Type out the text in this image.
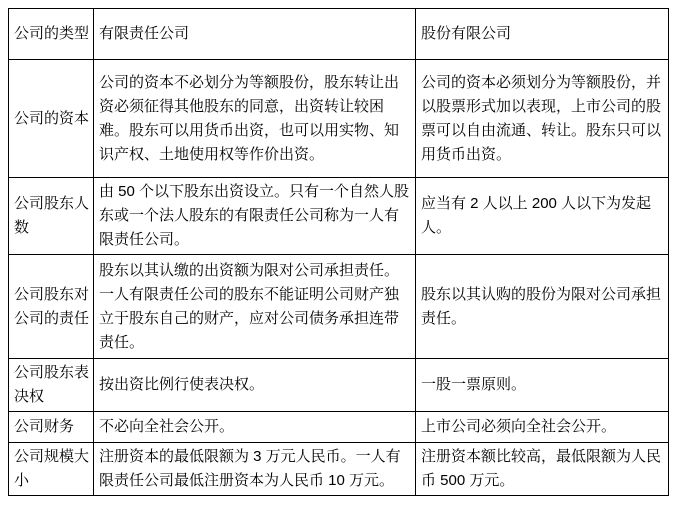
公司的类型	有限责任公司	股份有限公司
公司的资本	公司的资本不必划分为等额股份，股东转让出资必须征得其他股东的同意，出资转让较困难。股东可以用货币出资，也可以用实物、知识产权、土地使用权等作价出资。	公司的资本必须划分为等额股份，并以股票形式加以表现，上市公司的股票可以自由流通、转让。股东只可以用货币出资。
公司股东人数	由 50 个以下股东出资设立。只有一个自然人股东或一个法人股东的有限责任公司称为一人有限责任公司。	应当有 2 人以上 200 人以下为发起人。
公司股东对公司的责任	股东以其认缴的出资额为限对公司承担责任。一人有限责任公司的股东不能证明公司财产独立于股东自己的财产，应对公司债务承担连带责任。	股东以其认购的股份为限对公司承担责任。
公司股东表决权	按出资比例行使表决权。	一股一票原则。
公司财务	不必向全社会公开。	上市公司必须向全社会公开。
公司规模大小	注册资本的最低限额为 3 万元人民币。一人有限责任公司最低注册资本为人民币 10 万元。	注册资本额比较高，最低限额为人民币 500 万元。
